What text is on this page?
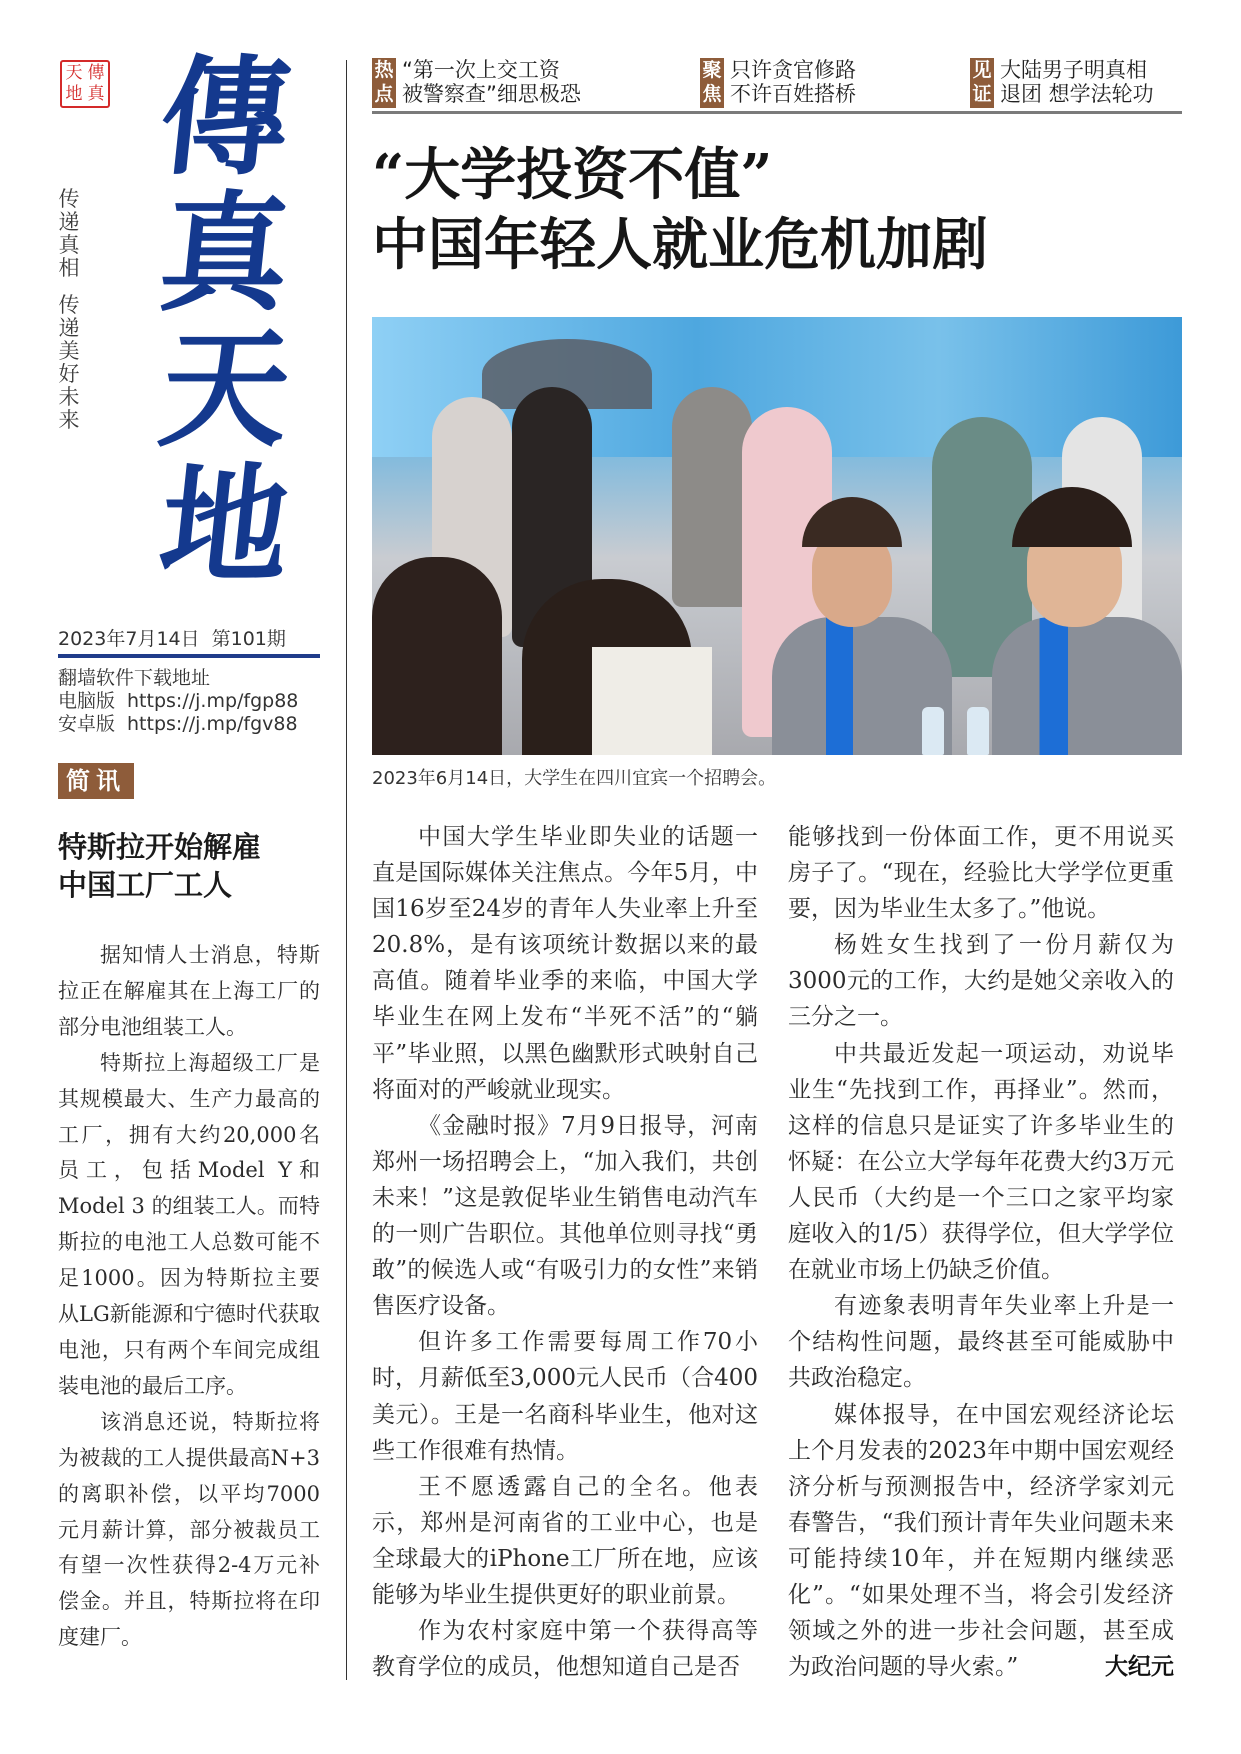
天 傳
地 真 傳
真
天
地
传
递
真
相
传
递
美
好
未
来
2023年7月14日 第101期
翻墙软件下载地址
电脑版 https://j.mp/fgp88
安卓版 https://j.mp/fgv88
简讯
特斯拉开始解雇
中国工厂工人

据知情人士消息，特斯拉正在解雇其在上海工厂的部分电池组装工人。

特斯拉上海超级工厂是其规模最大、生产力最高的工厂，拥有大约20,000名员工，包括Model Y和Model 3 的组装工人。而特斯拉的电池工人总数可能不足1000。因为特斯拉主要从LG新能源和宁德时代获取电池，只有两个车间完成组装电池的最后工序。

该消息还说，特斯拉将为被裁的工人提供最高N+3的离职补偿，以平均7000元月薪计算，部分被裁员工有望一次性获得2-4万元补偿金。并且，特斯拉将在印度建厂。

热
点
“第一次上交工资
被警察查”细思极恐
聚
焦
只许贪官修路
不许百姓搭桥
见
证
大陆男子明真相
退团 想学法轮功
“大学投资不值”
中国年轻人就业危机加剧
2023年6月14日，大学生在四川宜宾一个招聘会。

中国大学生毕业即失业的话题一直是国际媒体关注焦点。今年5月，中国16岁至24岁的青年人失业率上升至20.8%，是有该项统计数据以来的最高值。随着毕业季的来临，中国大学毕业生在网上发布“半死不活”的“躺平”毕业照，以黑色幽默形式映射自己将面对的严峻就业现实。

《金融时报》7月9日报导，河南郑州一场招聘会上，“加入我们，共创未来！”这是敦促毕业生销售电动汽车的一则广告职位。其他单位则寻找“勇敢”的候选人或“有吸引力的女性”来销售医疗设备。

但许多工作需要每周工作70小时，月薪低至3,000元人民币（合400美元）。王是一名商科毕业生，他对这些工作很难有热情。

王不愿透露自己的全名。他表示，郑州是河南省的工业中心，也是全球最大的iPhone工厂所在地，应该能够为毕业生提供更好的职业前景。

作为农村家庭中第一个获得高等教育学位的成员，他想知道自己是否

能够找到一份体面工作，更不用说买房子了。“现在，经验比大学学位更重要，因为毕业生太多了。”他说。

杨姓女生找到了一份月薪仅为3000元的工作，大约是她父亲收入的三分之一。

中共最近发起一项运动，劝说毕业生“先找到工作，再择业”。然而，这样的信息只是证实了许多毕业生的怀疑：在公立大学每年花费大约3万元人民币（大约是一个三口之家平均家庭收入的1/5）获得学位，但大学学位在就业市场上仍缺乏价值。

有迹象表明青年失业率上升是一个结构性问题，最终甚至可能威胁中共政治稳定。

媒体报导，在中国宏观经济论坛上个月发表的2023年中期中国宏观经济分析与预测报告中，经济学家刘元春警告，“我们预计青年失业问题未来可能持续10年，并在短期内继续恶化”。“如果处理不当，将会引发经济领域之外的进一步社会问题，甚至成为政治问题的导火索。”	大纪元
